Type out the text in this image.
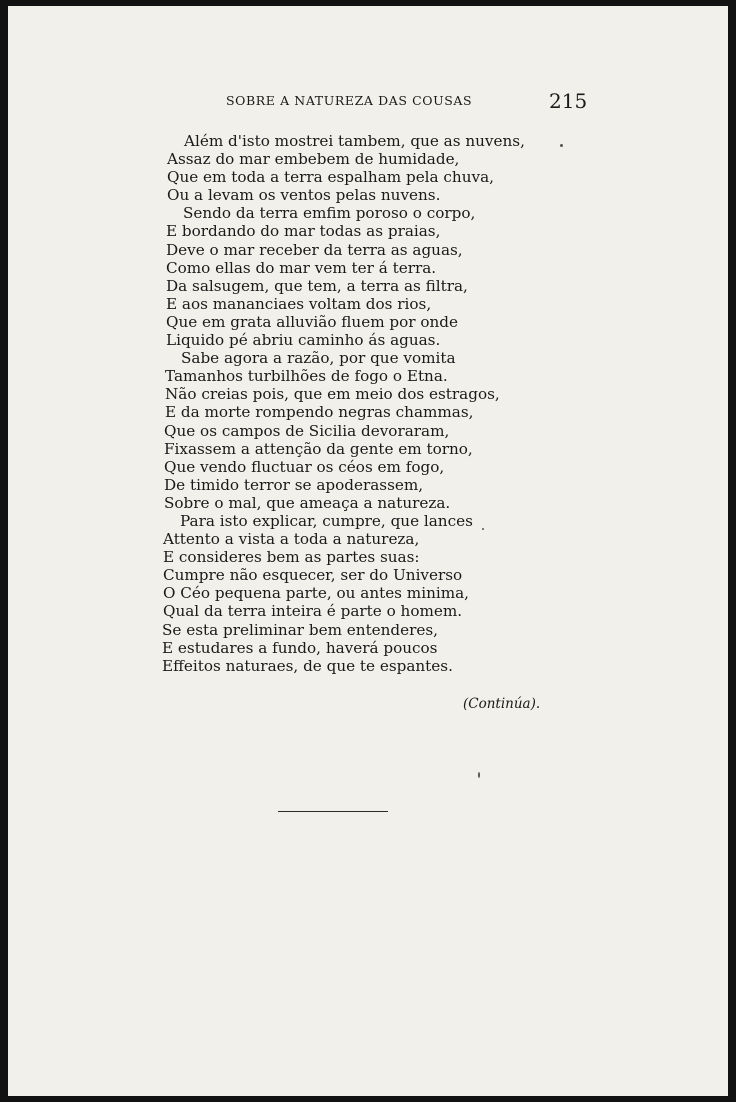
SOBRE A NATUREZA DAS COUSAS	215
Além d'isto mostrei tambem, que as nuvens,
Assaz do mar embebem de humidade,
Que em toda a terra espalham pela chuva,
Ou a levam os ventos pelas nuvens.
Sendo da terra emfim poroso o corpo,
E bordando do mar todas as praias,
Deve o mar receber da terra as aguas,
Como ellas do mar vem ter á terra.
Da salsugem, que tem, a terra as filtra,
E aos mananciaes voltam dos rios,
Que em grata alluvião fluem por onde
Liquido pé abriu caminho ás aguas.
Sabe agora a razão, por que vomita
Tamanhos turbilhões de fogo o Etna.
Não creias pois, que em meio dos estragos,
E da morte rompendo negras chammas,
Que os campos de Sicilia devoraram,
Fixassem a attenção da gente em torno,
Que vendo fluctuar os céos em fogo,
De timido terror se apoderassem,
Sobre o mal, que ameaça a natureza.
Para isto explicar, cumpre, que lances
Attento a vista a toda a natureza,
E consideres bem as partes suas:
Cumpre não esquecer, ser do Universo
O Céo pequena parte, ou antes minima,
Qual da terra inteira é parte o homem.
Se esta preliminar bem entenderes,
E estudares a fundo, haverá poucos
Effeitos naturaes, de que te espantes.
(Continúa).
